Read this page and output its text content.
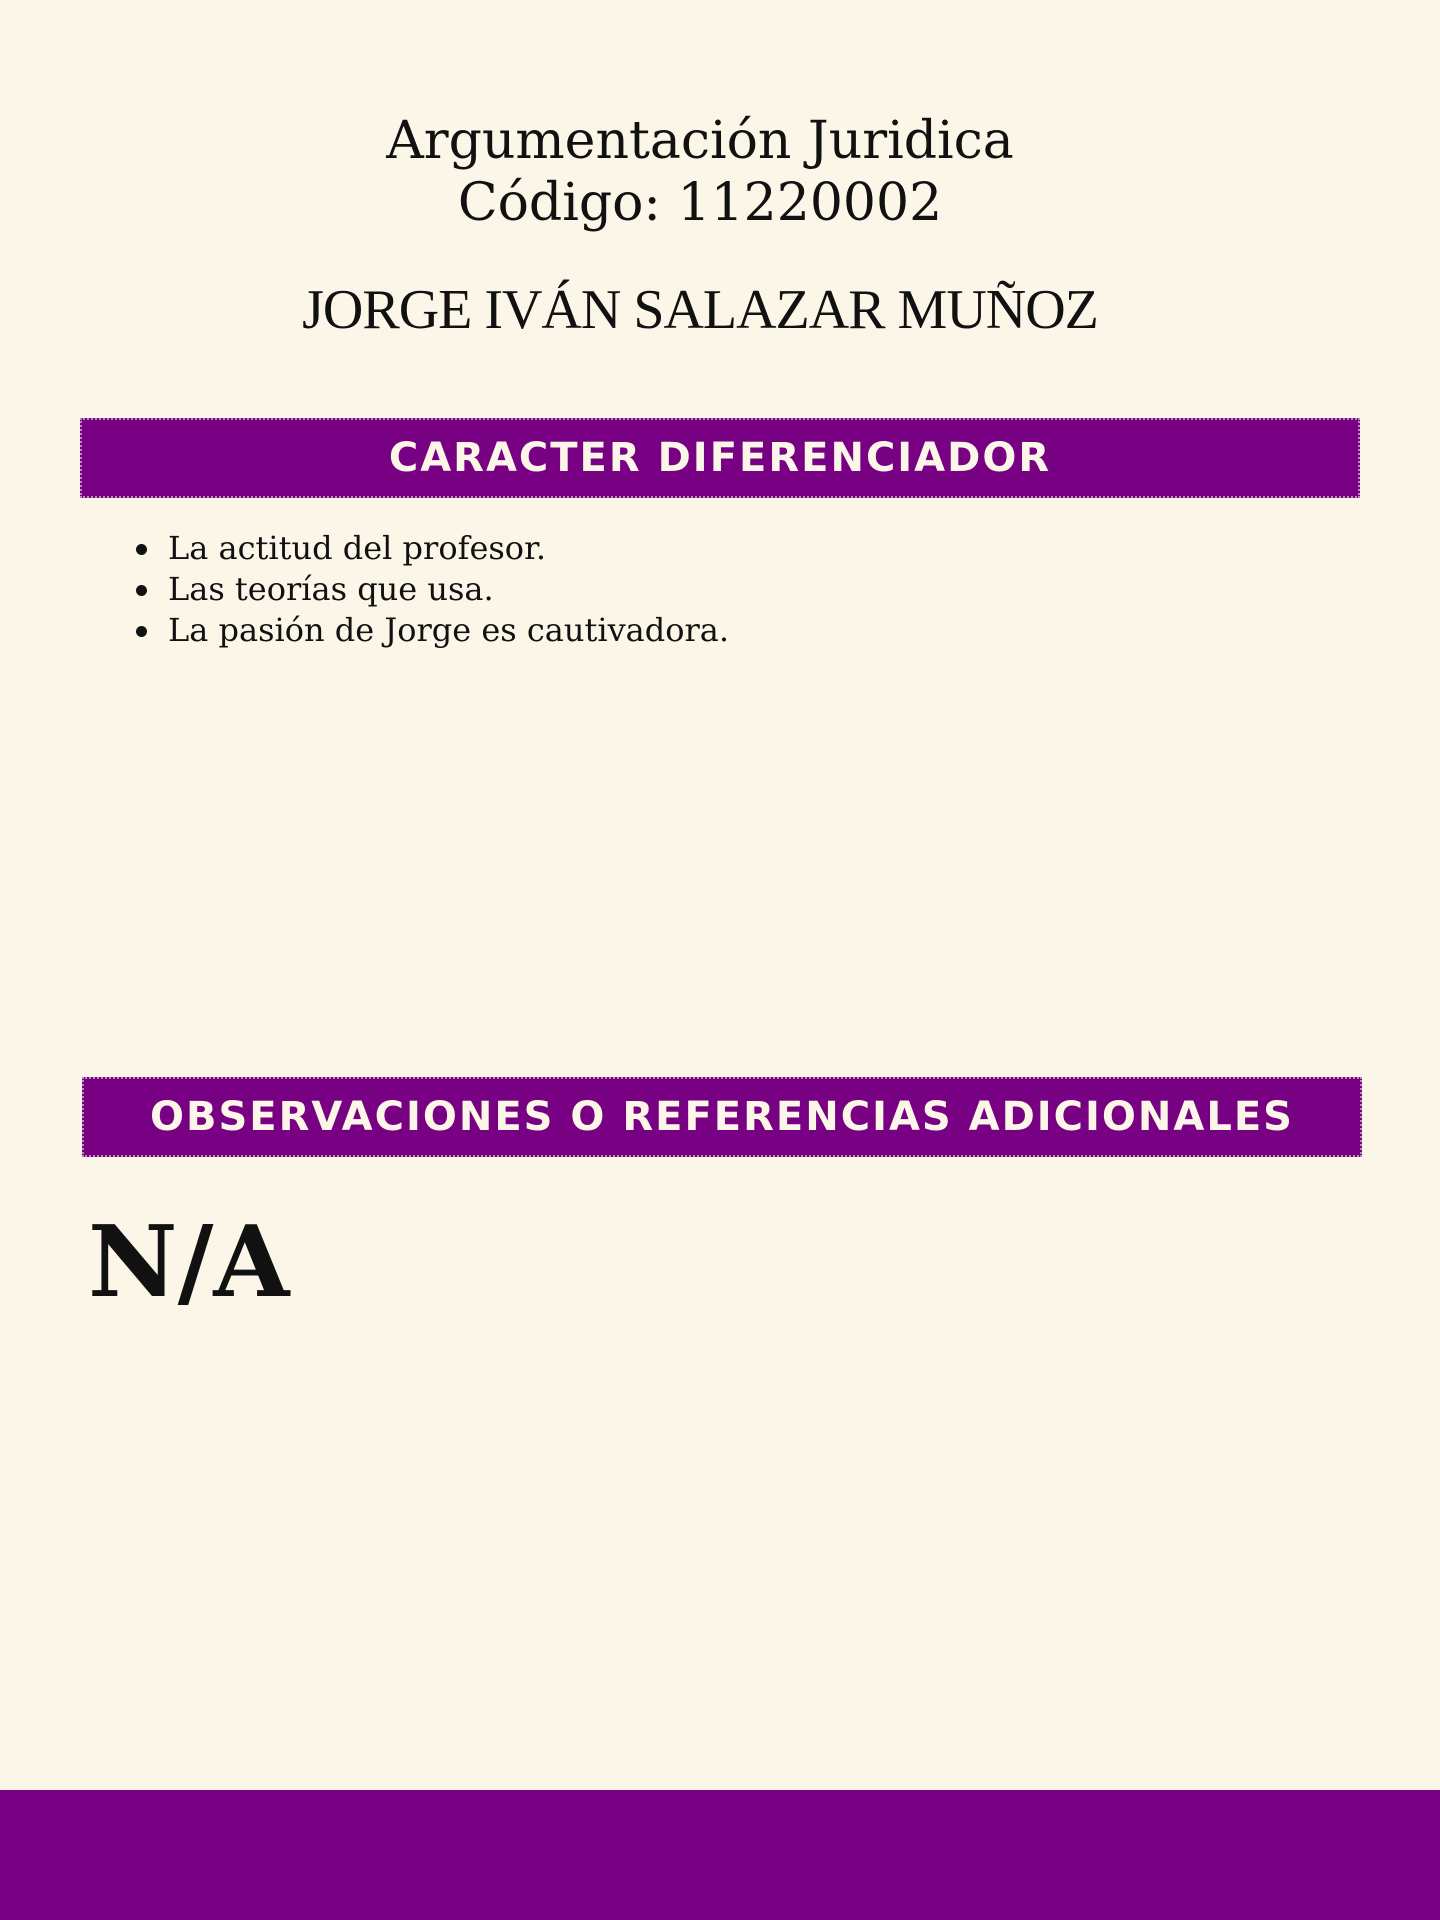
Argumentación Juridica
Código: 11220002
JORGE IVÁN SALAZAR MUÑOZ
CARACTER DIFERENCIADOR
La actitud del profesor.
Las teorías que usa.
La pasión de Jorge es cautivadora.
OBSERVACIONES O REFERENCIAS ADICIONALES
N/A
